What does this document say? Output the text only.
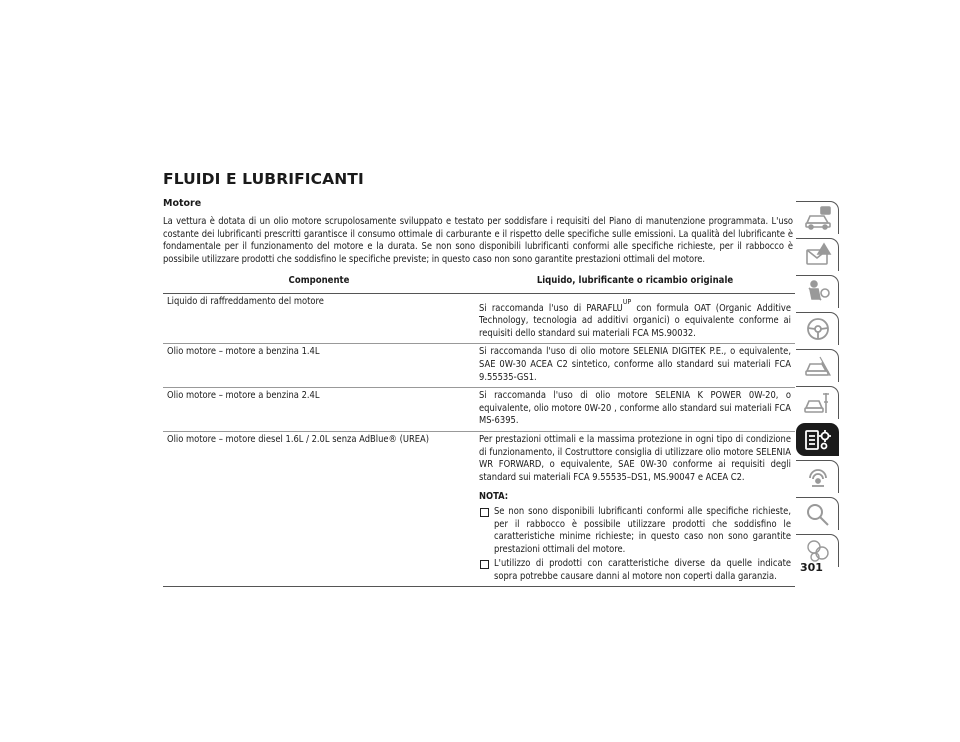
FLUIDI E LUBRIFICANTI
Motore

La vettura è dotata di un olio motore scrupolosamente sviluppato e testato per soddisfare i requisiti del Piano di manutenzione programmata. L'uso costante dei lubrificanti prescritti garantisce il consumo ottimale di carburante e il rispetto delle specifiche sulle emissioni. La qualità del lubrificante è fondamentale per il funzionamento del motore e la durata. Se non sono disponibili lubrificanti conformi alle specifiche richieste, per il rabbocco è possibile utilizzare prodotti che soddisfino le specifiche previste; in questo caso non sono garantite prestazioni ottimali del motore.

Componente	Liquido, lubrificante o ricambio originale
Liquido di raffreddamento del motore	Si raccomanda l'uso di $PARAFLU^{UP}$ con formula OAT (Organic Additive Technology, tecnologia ad additivi organici) o equivalente conforme ai requisiti dello standard sui materiali FCA MS.90032.
Olio motore – motore a benzina 1.4L	Si raccomanda l'uso di olio motore SELENIA DIGITEK P.E., o equivalente, SAE 0W-30 ACEA C2 sintetico, conforme allo standard sui materiali FCA 9.55535-GS1.
Olio motore – motore a benzina 2.4L	Si raccomanda l'uso di olio motore SELENIA K POWER 0W-20, o equivalente, olio motore 0W-20 , conforme allo standard sui materiali FCA MS-6395.
Olio motore – motore diesel 1.6L / 2.0L senza AdBlue® (UREA)	Per prestazioni ottimali e la massima protezione in ogni tipo di condizione di funzionamento, il Costruttore consiglia di utilizzare olio motore SELENIA WR FORWARD, o equivalente, SAE 0W-30 conforme ai requisiti degli standard sui materiali FCA 9.55535–DS1, MS.90047 e ACEA C2.
NOTA:
Se non sono disponibili lubrificanti conformi alle specifiche richieste, per il rabbocco è possibile utilizzare prodotti che soddisfino le caratteristiche minime richieste; in questo caso non sono garantite prestazioni ottimali del motore.
L'utilizzo di prodotti con caratteristiche diverse da quelle indicate sopra potrebbe causare danni al motore non coperti dalla garanzia.
301
